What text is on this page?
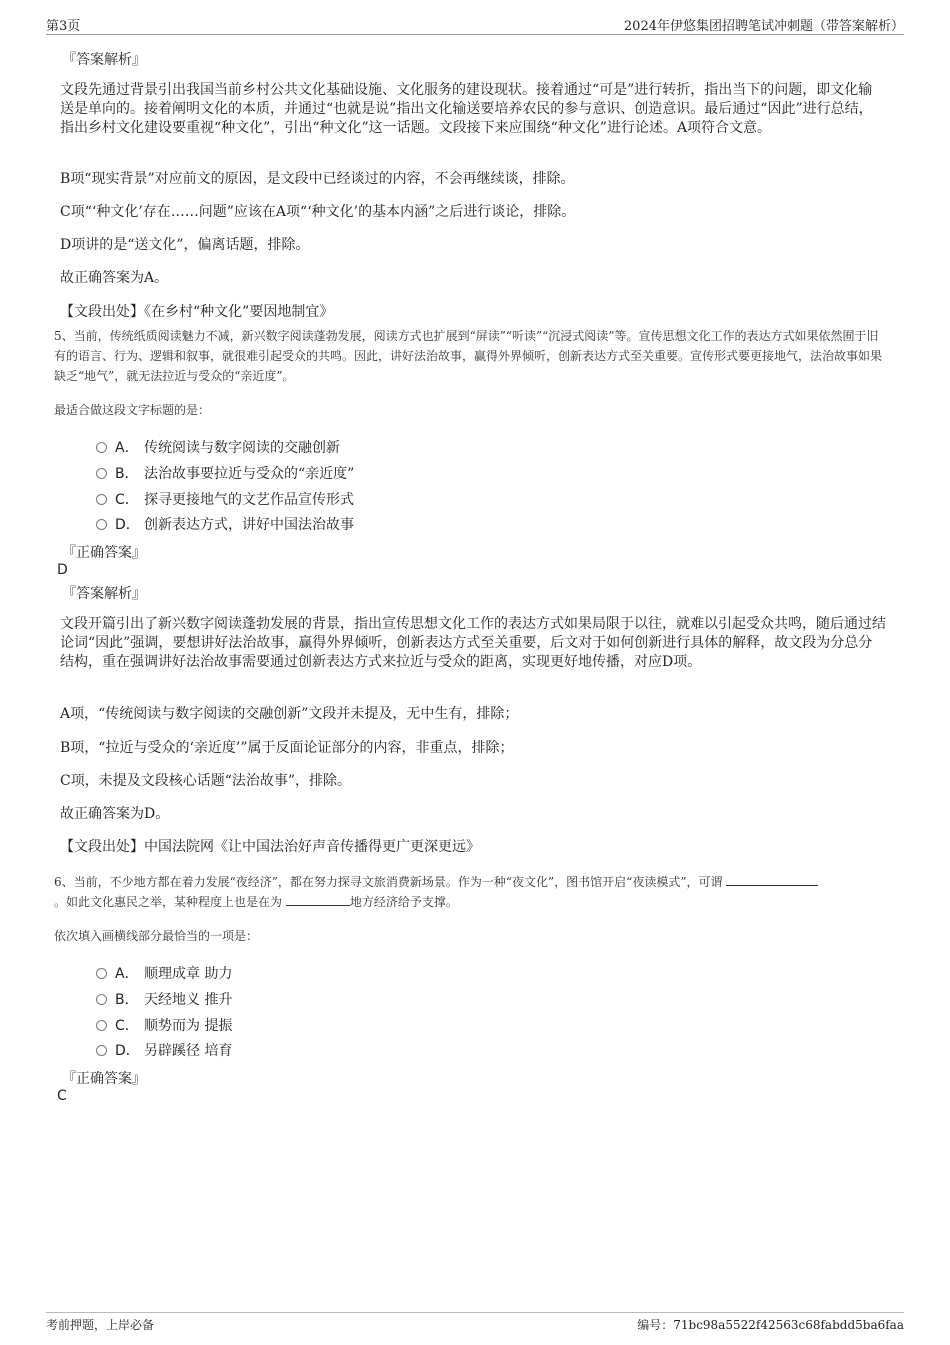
第3页	2024年伊悠集团招聘笔试冲刺题（带答案解析）
『答案解析』
文段先通过背景引出我国当前乡村公共文化基础设施、文化服务的建设现状。接着通过“可是”进行转折，指出当下的问题，即文化输送是单向的。接着阐明文化的本质，并通过“也就是说”指出文化输送要培养农民的参与意识、创造意识。最后通过“因此”进行总结，指出乡村文化建设要重视“种文化”，引出“种文化”这一话题。文段接下来应围绕“种文化”进行论述。A项符合文意。
B项“现实背景”对应前文的原因，是文段中已经谈过的内容，不会再继续谈，排除。
C项“‘种文化’存在……问题”应该在A项“‘种文化’的基本内涵”之后进行谈论，排除。
D项讲的是“送文化”，偏离话题，排除。
故正确答案为A。
【文段出处】《在乡村“种文化”要因地制宜》
5、当前，传统纸质阅读魅力不减，新兴数字阅读蓬勃发展，阅读方式也扩展到“屏读”“听读”“沉浸式阅读”等。宣传思想文化工作的表达方式如果依然囿于旧有的语言、行为、逻辑和叙事，就很难引起受众的共鸣。因此，讲好法治故事，赢得外界倾听，创新表达方式至关重要。宣传形式要更接地气，法治故事如果缺乏“地气”，就无法拉近与受众的“亲近度”。
最适合做这段文字标题的是：
A． 传统阅读与数字阅读的交融创新
B． 法治故事要拉近与受众的“亲近度”
C． 探寻更接地气的文艺作品宣传形式
D． 创新表达方式，讲好中国法治故事
『正确答案』
D
『答案解析』
文段开篇引出了新兴数字阅读蓬勃发展的背景，指出宣传思想文化工作的表达方式如果局限于以往，就难以引起受众共鸣，随后通过结论词“因此”强调，要想讲好法治故事，赢得外界倾听，创新表达方式至关重要，后文对于如何创新进行具体的解释，故文段为分总分结构，重在强调讲好法治故事需要通过创新表达方式来拉近与受众的距离，实现更好地传播，对应D项。
A项，“传统阅读与数字阅读的交融创新”文段并未提及，无中生有，排除；
B项，“拉近与受众的‘亲近度’”属于反面论证部分的内容，非重点，排除；
C项，未提及文段核心话题“法治故事”，排除。
故正确答案为D。
【文段出处】中国法院网《让中国法治好声音传播得更广更深更远》
6、当前，不少地方都在着力发展“夜经济”，都在努力探寻文旅消费新场景。作为一种“夜文化”，图书馆开启“夜读模式”，可谓
。如此文化惠民之举，某种程度上也是在为	地方经济给予支撑。
依次填入画横线部分最恰当的一项是：
A． 顺理成章 助力
B． 天经地义 推升
C． 顺势而为 提振
D． 另辟蹊径 培育
『正确答案』
C
考前押题，上岸必备	编号：71bc98a5522f42563c68fabdd5ba6faa
